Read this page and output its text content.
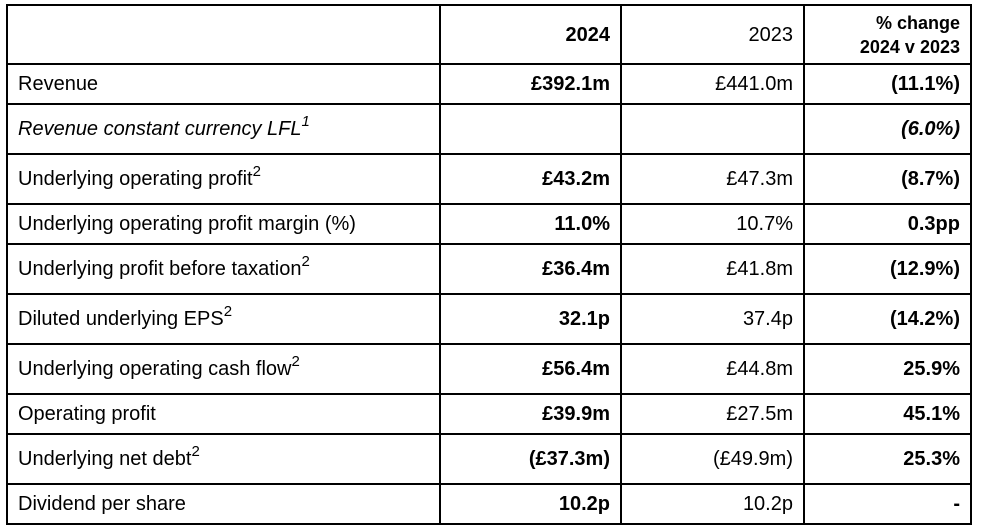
	2024	2023	% change
2024 v 2023
Revenue	£392.1m	£441.0m	(11.1%)
Revenue constant currency LFL$^1$			(6.0%)
Underlying operating profit$^2$	£43.2m	£47.3m	(8.7%)
Underlying operating profit margin (%)	11.0%	10.7%	0.3pp
Underlying profit before taxation$^2$	£36.4m	£41.8m	(12.9%)
Diluted underlying EPS$^2$	32.1p	37.4p	(14.2%)
Underlying operating cash flow$^2$	£56.4m	£44.8m	25.9%
Operating profit	£39.9m	£27.5m	45.1%
Underlying net debt$^2$	(£37.3m)	(£49.9m)	25.3%
Dividend per share	10.2p	10.2p	-
